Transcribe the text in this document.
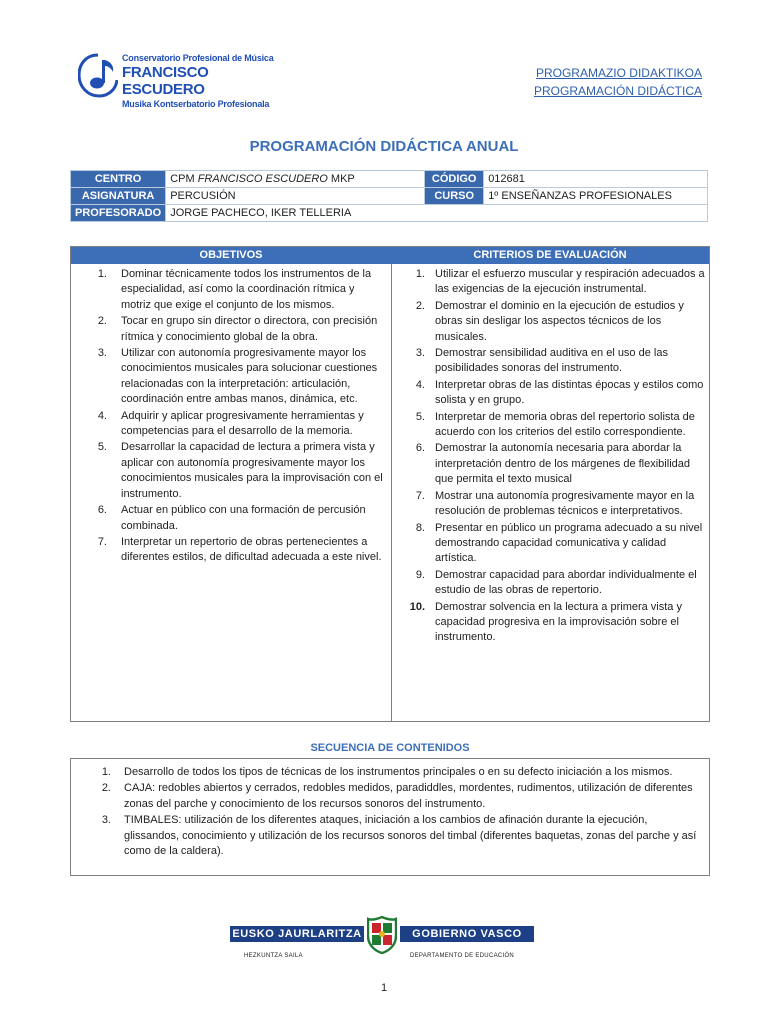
Conservatorio Profesional de Música
FRANCISCO ESCUDERO
Musika Kontserbatorio Profesionala
PROGRAMAZIO DIDAKTIKOA
PROGRAMACIÓN DIDÁCTICA
PROGRAMACIÓN DIDÁCTICA ANUAL
CENTRO	CPM FRANCISCO ESCUDERO MKP	CÓDIGO	012681
ASIGNATURA	PERCUSIÓN	CURSO	1º ENSEÑANZAS PROFESIONALES
PROFESORADO	JORGE PACHECO, IKER TELLERIA		
OBJETIVOS
1. Dominar técnicamente todos los instrumentos de la especialidad, así como la coordinación rítmica y motriz que exige el conjunto de los mismos.
2. Tocar en grupo sin director o directora, con precisión rítmica y conocimiento global de la obra.
3. Utilizar con autonomía progresivamente mayor los conocimientos musicales para solucionar cuestiones relacionadas con la interpretación: articulación, coordinación entre ambas manos, dinámica, etc.
4. Adquirir y aplicar progresivamente herramientas y competencias para el desarrollo de la memoria.
5. Desarrollar la capacidad de lectura a primera vista y aplicar con autonomía progresivamente mayor los conocimientos musicales para la improvisación con el instrumento.
6. Actuar en público con una formación de percusión combinada.
7. Interpretar un repertorio de obras pertenecientes a diferentes estilos, de dificultad adecuada a este nivel.
CRITERIOS DE EVALUACIÓN
1. Utilizar el esfuerzo muscular y respiración adecuados a las exigencias de la ejecución instrumental.
2. Demostrar el dominio en la ejecución de estudios y obras sin desligar los aspectos técnicos de los musicales.
3. Demostrar sensibilidad auditiva en el uso de las posibilidades sonoras del instrumento.
4. Interpretar obras de las distintas épocas y estilos como solista y en grupo.
5. Interpretar de memoria obras del repertorio solista de acuerdo con los criterios del estilo correspondiente.
6. Demostrar la autonomía necesaria para abordar la interpretación dentro de los márgenes de flexibilidad que permita el texto musical
7. Mostrar una autonomía progresivamente mayor en la resolución de problemas técnicos e interpretativos.
8. Presentar en público un programa adecuado a su nivel demostrando capacidad comunicativa y calidad artística.
9. Demostrar capacidad para abordar individualmente el estudio de las obras de repertorio.
10. Demostrar solvencia en la lectura a primera vista y capacidad progresiva en la improvisación sobre el instrumento.
SECUENCIA DE CONTENIDOS
1. Desarrollo de todos los tipos de técnicas de los instrumentos principales o en su defecto iniciación a los mismos.
2. CAJA: redobles abiertos y cerrados, redobles medidos, paradiddles, mordentes, rudimentos, utilización de diferentes zonas del parche y conocimiento de los recursos sonoros del instrumento.
3. TIMBALES: utilización de los diferentes ataques, iniciación a los cambios de afinación durante la ejecución, glissandos, conocimiento y utilización de los recursos sonoros del timbal (diferentes baquetas, zonas del parche y así como de la caldera).
EUSKO JAURLARITZA	GOBIERNO VASCO
HEZKUNTZA SAILA	DEPARTAMENTO DE EDUCACIÓN
1
